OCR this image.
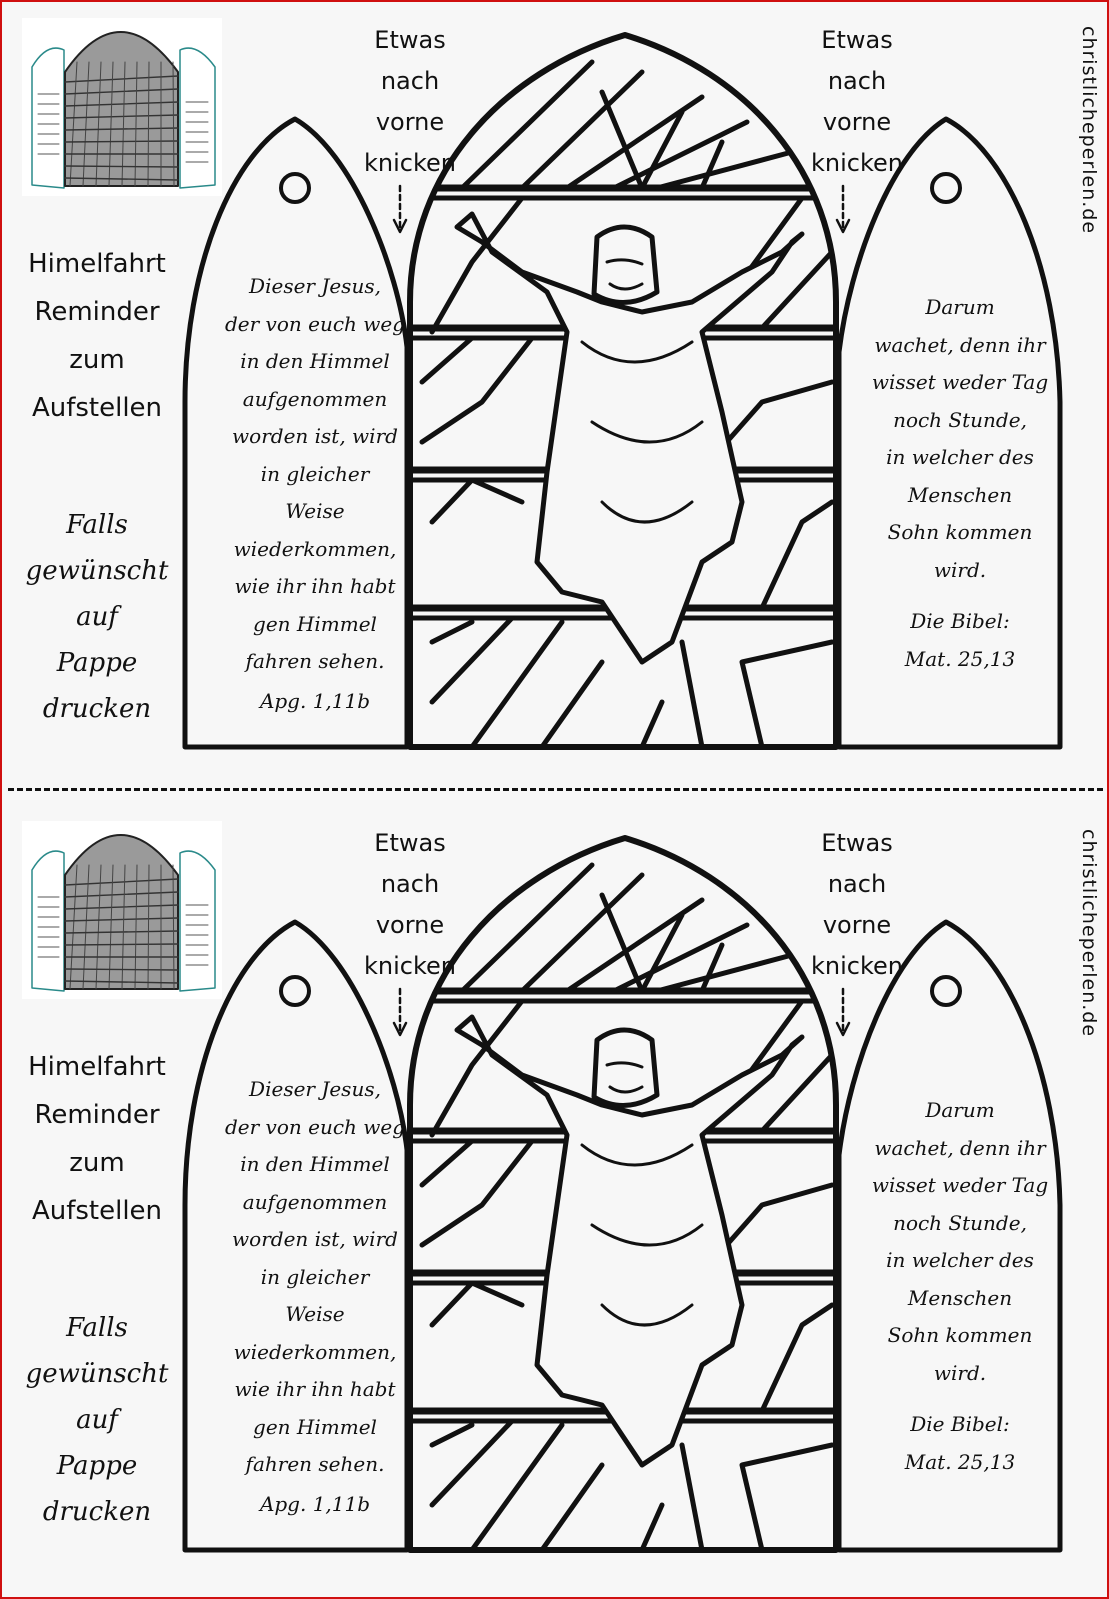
Himelfahrt
Reminder
zum
Aufstellen
Falls
gewünscht
auf
Pappe
drucken
Etwas
nach
vorne
knicken
Etwas
nach
vorne
knicken
Dieser Jesus,
der von euch weg
in den Himmel
aufgenommen
worden ist, wird
in gleicher
Weise
wiederkommen,
wie ihr ihn habt
gen Himmel
fahren sehen.
Apg. 1,11b
Darum
wachet, denn ihr
wisset weder Tag
noch Stunde,
in welcher des
Menschen
Sohn kommen
wird.
Die Bibel:
Mat. 25,13
christlicheperlen.de
Himelfahrt
Reminder
zum
Aufstellen
Falls
gewünscht
auf
Pappe
drucken
Etwas
nach
vorne
knicken
Etwas
nach
vorne
knicken
Dieser Jesus,
der von euch weg
in den Himmel
aufgenommen
worden ist, wird
in gleicher
Weise
wiederkommen,
wie ihr ihn habt
gen Himmel
fahren sehen.
Apg. 1,11b
Darum
wachet, denn ihr
wisset weder Tag
noch Stunde,
in welcher des
Menschen
Sohn kommen
wird.
Die Bibel:
Mat. 25,13
christlicheperlen.de
